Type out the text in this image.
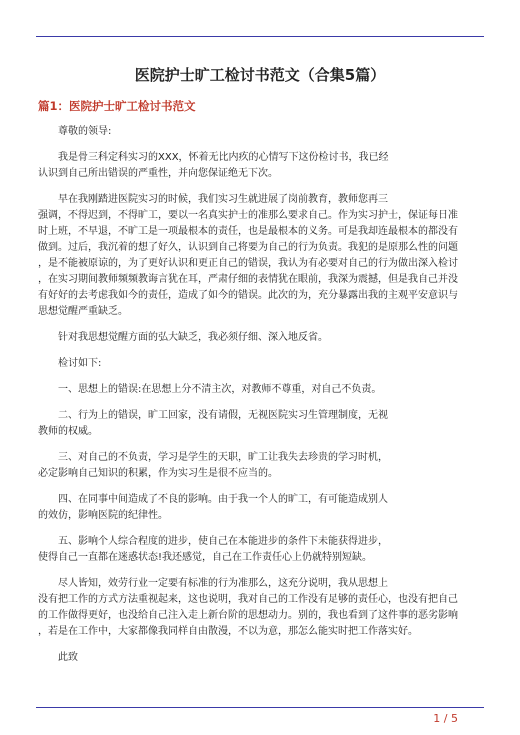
医院护士旷工检讨书范文（合集5篇）
篇1：医院护士旷工检讨书范文

尊敬的领导:

我是骨三科定科实习的XXX，怀着无比内疚的心情写下这份检讨书，我已经
认识到自己所出错误的严重性，并向您保证绝无下次。

早在我刚踏进医院实习的时候，我们实习生就进展了岗前教育，教师您再三
强调，不得迟到，不得旷工，要以一名真实护士的准那么要求自己。作为实习护士，保证每日准
时上班，不早退，不旷工是一项最根本的责任，也是最根本的义务。可是我却连最根本的都没有
做到。过后，我沉着的想了好久，认识到自己将要为自己的行为负责。我犯的是原那么性的问题
，是不能被原谅的，为了更好认识和更正自己的错误，我认为有必要对自己的行为做出深入检讨
，在实习期间教师频频教诲言犹在耳，严肃仔细的表情犹在眼前，我深为震撼，但是我自己并没
有好好的去考虑我如今的责任，造成了如今的错误。此次的为，充分暴露出我的主观平安意识与
思想觉醒严重缺乏。

针对我思想觉醒方面的弘大缺乏，我必须仔细、深入地反省。

检讨如下:

一、思想上的错误:在思想上分不清主次，对教师不尊重，对自己不负责。

二、行为上的错误，旷工回家，没有请假，无视医院实习生管理制度，无视
教师的权威。

三、对自己的不负责，学习是学生的天职，旷工让我失去珍贵的学习时机，
必定影响自己知识的积累，作为实习生是很不应当的。

四、在同事中间造成了不良的影响。由于我一个人的旷工，有可能造成别人
的效仿，影响医院的纪律性。

五、影响个人综合程度的进步，使自己在本能进步的条件下未能获得进步，
使得自己一直都在迷惑状态!我还感觉，自己在工作责任心上仍就特别短缺。

尽人皆知，效劳行业一定要有标准的行为准那么，这充分说明，我从思想上
没有把工作的方式方法重视起来，这也说明，我对自己的工作没有足够的责任心，也没有把自己
的工作做得更好，也没给自己注入走上新台阶的思想动力。别的，我也看到了这件事的恶劣影响
，若是在工作中，大家都像我同样自由散漫，不以为意，那怎么能实时把工作落实好。

此致

1 / 5
